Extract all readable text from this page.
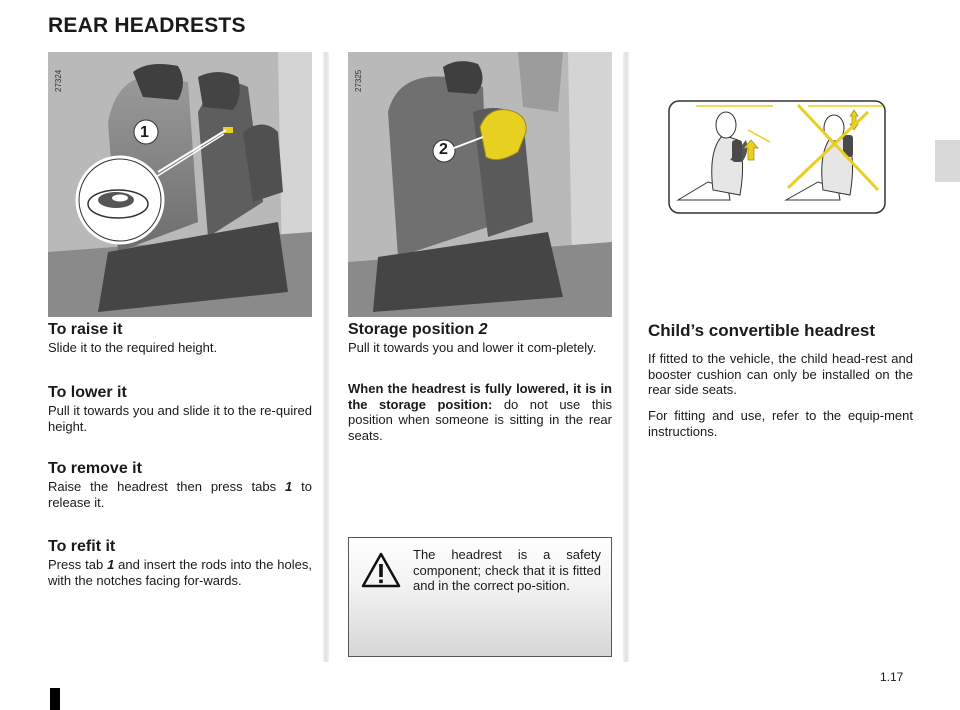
REAR HEADRESTS
27324
1
27325
2
To raise it

Slide it to the required height.

To lower it

Pull it towards you and slide it to the re-quired height.

To remove it

Raise the headrest then press tabs 1 to release it.

To refit it

Press tab 1 and insert the rods into the holes, with the notches facing for-wards.

Storage position 2

Pull it towards you and lower it com-pletely.

When the headrest is fully lowered, it is in the storage position: do not use this position when someone is sitting in the rear seats.

The headrest is a safety component; check that it is fitted and in the correct po-sition.
Child’s convertible headrest

If fitted to the vehicle, the child head-rest and booster cushion can only be installed on the rear side seats.

For fitting and use, refer to the equip-ment instructions.

1.17
